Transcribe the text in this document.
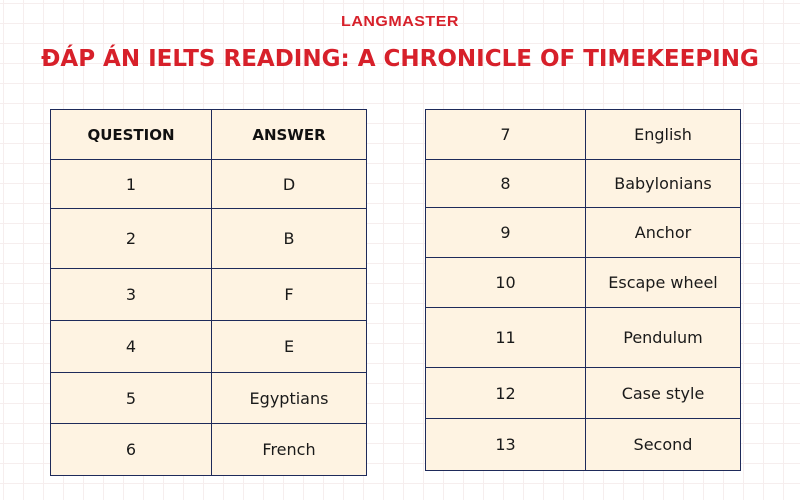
LANGMASTER
ĐÁP ÁN IELTS READING: A CHRONICLE OF TIMEKEEPING
QUESTION	ANSWER
1	D
2	B
3	F
4	E
5	Egyptians
6	French
7	English
8	Babylonians
9	Anchor
10	Escape wheel
11	Pendulum
12	Case style
13	Second
